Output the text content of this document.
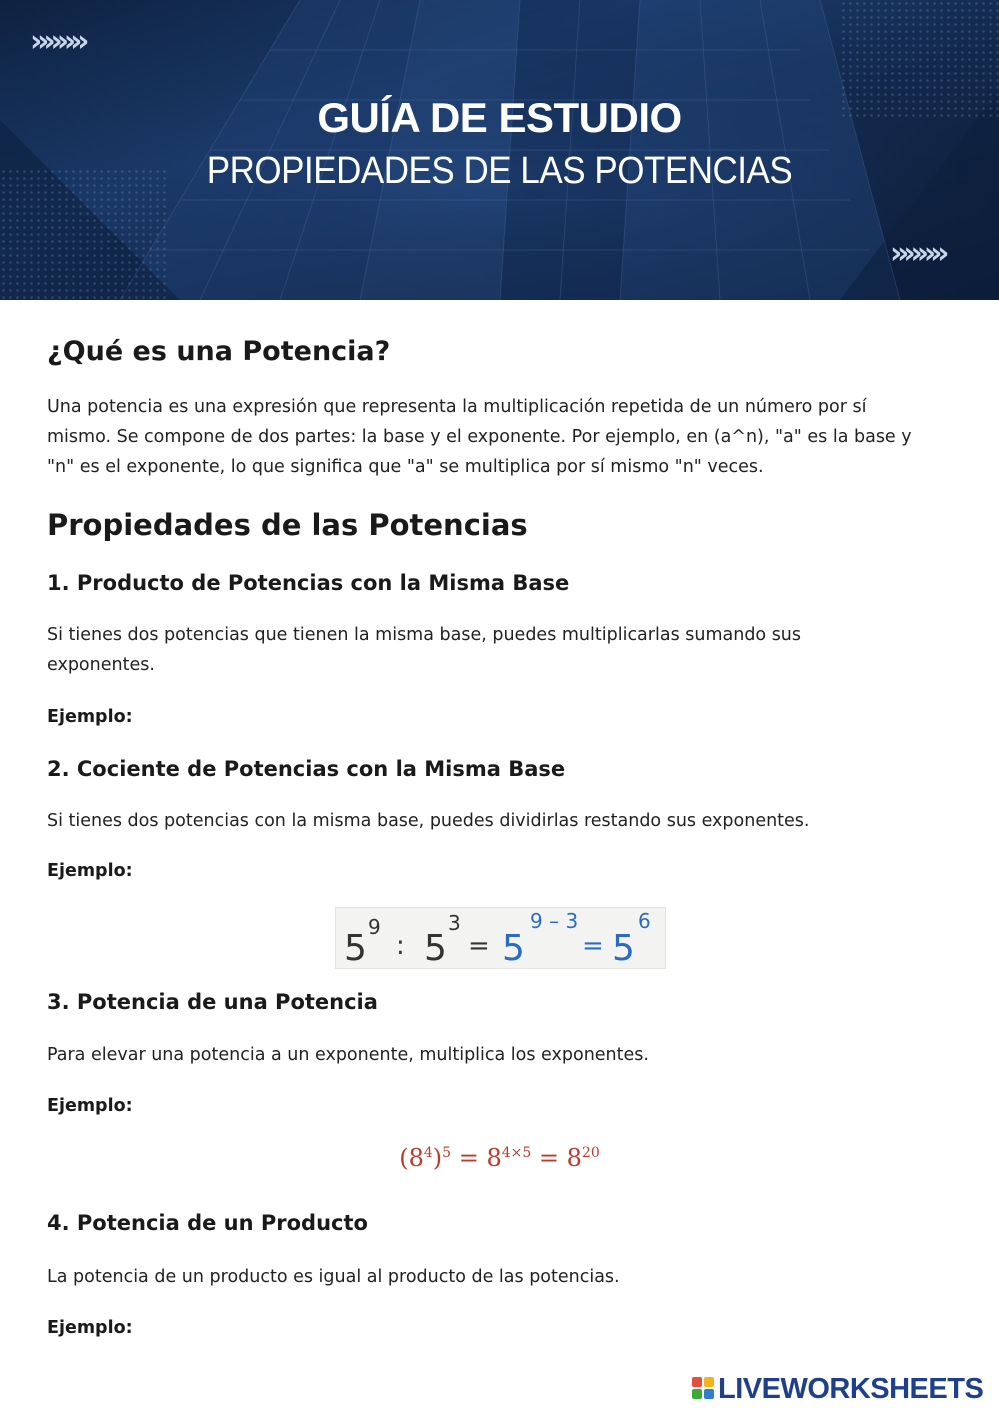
»»»»
»»»»
GUÍA DE ESTUDIO
PROPIEDADES DE LAS POTENCIAS
¿Qué es una Potencia?

Una potencia es una expresión que representa la multiplicación repetida de un número por sí

mismo. Se compone de dos partes: la base y el exponente. Por ejemplo, en (a^n), "a" es la base y

"n" es el exponente, lo que significa que "a" se multiplica por sí mismo "n" veces.

Propiedades de las Potencias
1. Producto de Potencias con la Misma Base

Si tienes dos potencias que tienen la misma base, puedes multiplicarlas sumando sus

exponentes.

Ejemplo:
2. Cociente de Potencias con la Misma Base

Si tienes dos potencias con la misma base, puedes dividirlas restando sus exponentes.

Ejemplo:
5
9
: 5
3
= 5
9 – 3
= 5
6
3. Potencia de una Potencia

Para elevar una potencia a un exponente, multiplica los exponentes.

Ejemplo:
$(8^4)^5 = 8^{4\times 5} = 8^{20}$
4. Potencia de un Producto

La potencia de un producto es igual al producto de las potencias.

Ejemplo:
LIVEWORKSHEETS
